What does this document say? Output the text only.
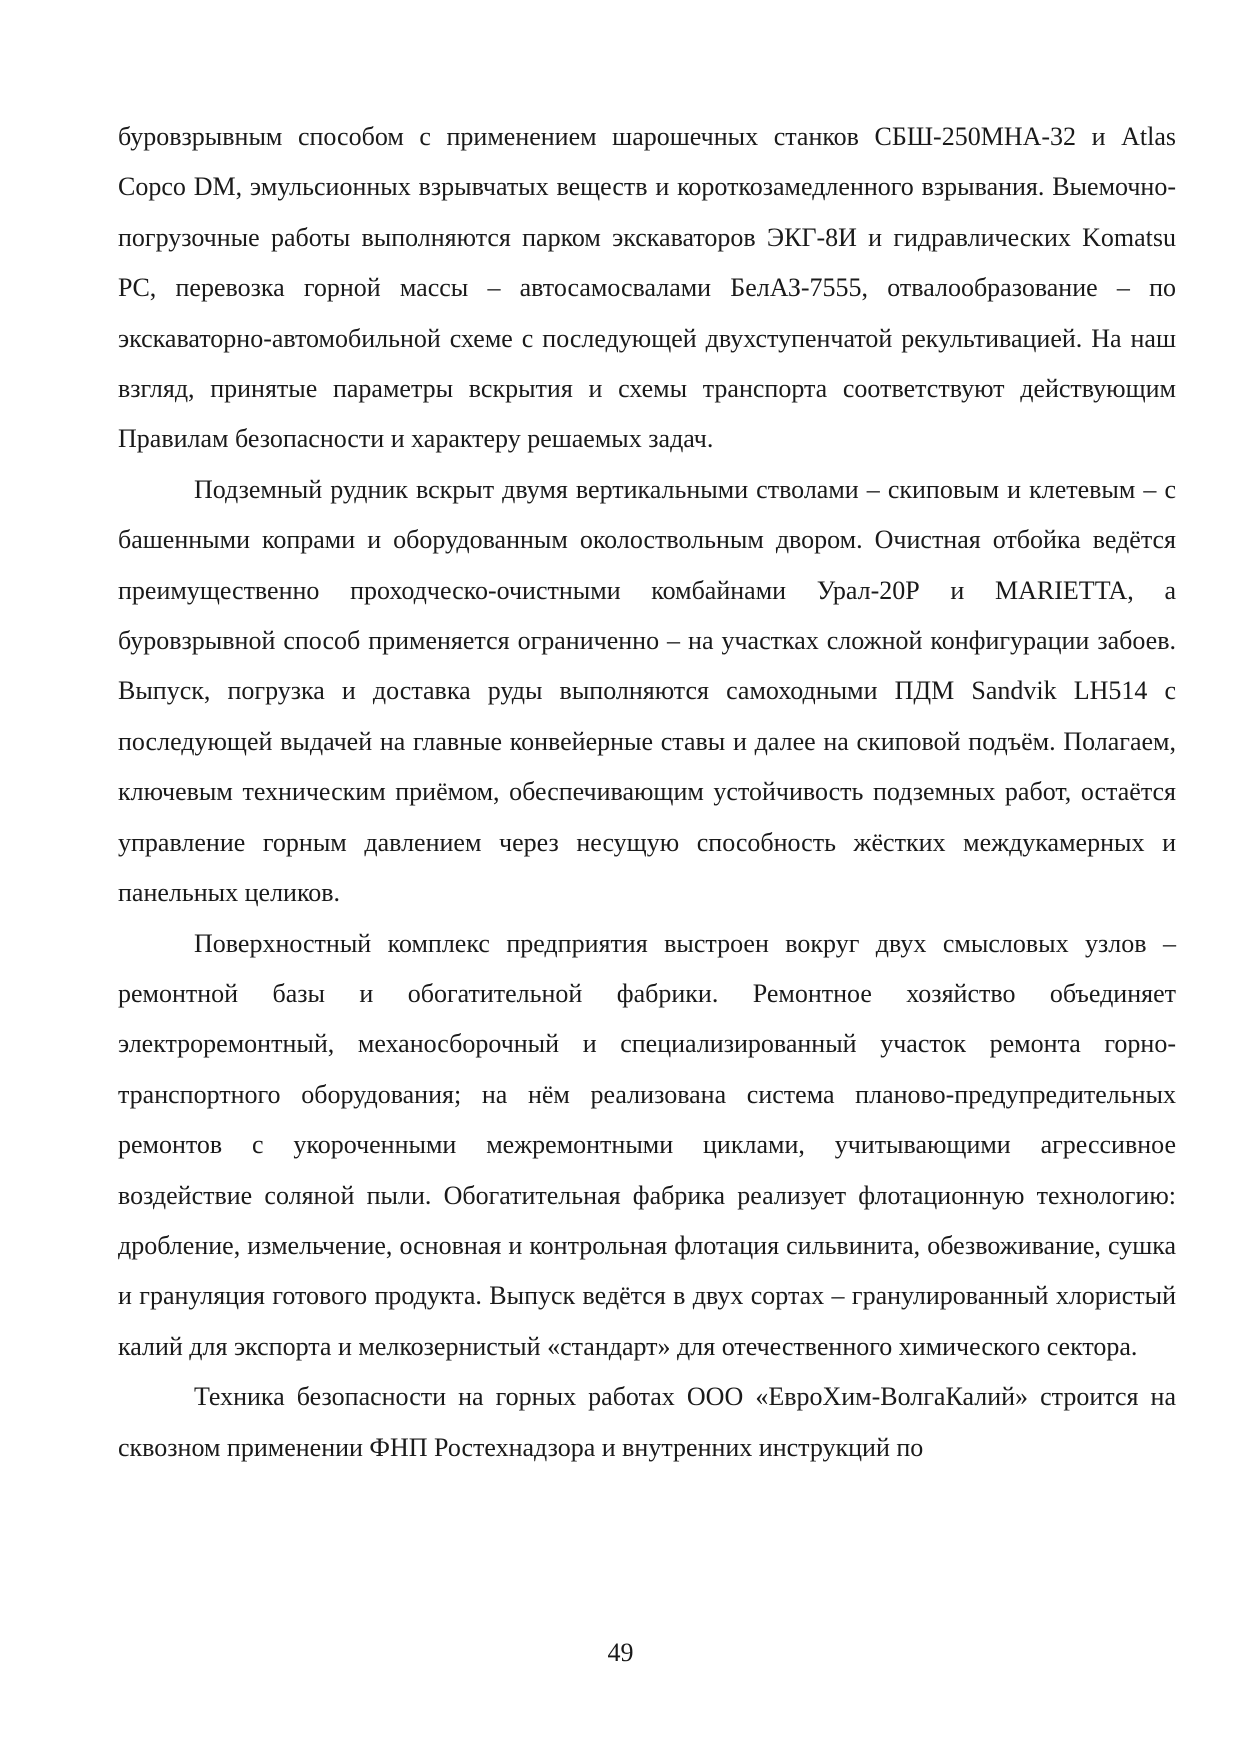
буровзрывным способом с применением шарошечных станков СБШ-250МНА-32 и Atlas Copco DM, эмульсионных взрывчатых веществ и короткозамедленного взрывания. Выемочно-погрузочные работы выполняются парком экскаваторов ЭКГ-8И и гидравлических Komatsu PC, перевозка горной массы – автосамосвалами БелАЗ-7555, отвалообразование – по экскаваторно-автомобильной схеме с последующей двухступенчатой рекультивацией. На наш взгляд, принятые параметры вскрытия и схемы транспорта соответствуют действующим Правилам безопасности и характеру решаемых задач.

Подземный рудник вскрыт двумя вертикальными стволами – скиповым и клетевым – с башенными копрами и оборудованным околоствольным двором. Очистная отбойка ведётся преимущественно проходческо-очистными комбайнами Урал-20Р и MARIETTA, а буровзрывной способ применяется ограниченно – на участках сложной конфигурации забоев. Выпуск, погрузка и доставка руды выполняются самоходными ПДМ Sandvik LH514 с последующей выдачей на главные конвейерные ставы и далее на скиповой подъём. Полагаем, ключевым техническим приёмом, обеспечивающим устойчивость подземных работ, остаётся управление горным давлением через несущую способность жёстких междукамерных и панельных целиков.

Поверхностный комплекс предприятия выстроен вокруг двух смысловых узлов – ремонтной базы и обогатительной фабрики. Ремонтное хозяйство объединяет электроремонтный, механосборочный и специализированный участок ремонта горно-транспортного оборудования; на нём реализована система планово-предупредительных ремонтов с укороченными межремонтными циклами, учитывающими агрессивное воздействие соляной пыли. Обогатительная фабрика реализует флотационную технологию: дробление, измельчение, основная и контрольная флотация сильвинита, обезвоживание, сушка и грануляция готового продукта. Выпуск ведётся в двух сортах – гранулированный хлористый калий для экспорта и мелкозернистый «стандарт» для отечественного химического сектора.

Техника безопасности на горных работах ООО «ЕвроХим-ВолгаКалий» строится на сквозном применении ФНП Ростехнадзора и внутренних инструкций по

49
